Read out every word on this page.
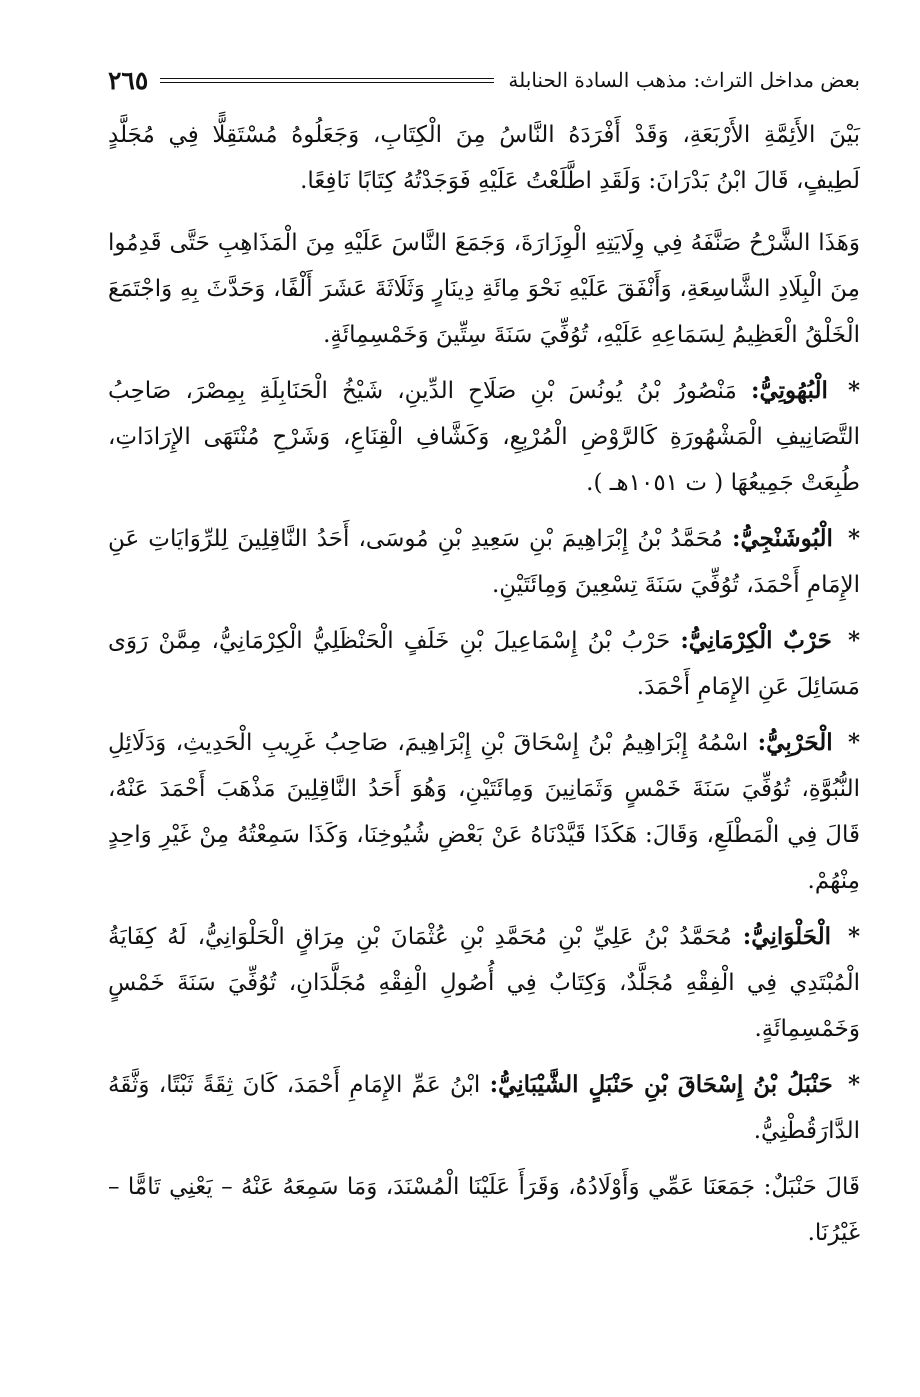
بعض مداخل التراث: مذهب السادة الحنابلة
٢٦٥

بَيْنَ الأَئِمَّةِ الأَرْبَعَةِ، وَقَدْ أَفْرَدَهُ النَّاسُ مِنَ الْكِتَابِ، وَجَعَلُوهُ مُسْتَقِلًّا فِي مُجَلَّدٍ لَطِيفٍ، قَالَ ابْنُ بَدْرَانَ: وَلَقَدِ اطَّلَعْتُ عَلَيْهِ فَوَجَدْتُهُ كِتَابًا نَافِعًا.

وَهَذَا الشَّرْحُ صَنَّفَهُ فِي وِلَايَتِهِ الْوِزَارَةَ، وَجَمَعَ النَّاسَ عَلَيْهِ مِنَ الْمَذَاهِبِ حَتَّى قَدِمُوا مِنَ الْبِلَادِ الشَّاسِعَةِ، وَأَنْفَقَ عَلَيْهِ نَحْوَ مِائَةِ دِينَارٍ وَثَلَاثَةَ عَشَرَ أَلْفًا، وَحَدَّثَ بِهِ وَاجْتَمَعَ الْخَلْقُ الْعَظِيمُ لِسَمَاعِهِ عَلَيْهِ، تُوُفِّيَ سَنَةَ سِتِّينَ وَخَمْسِمِائَةٍ.

* الْبُهُوتِيُّ: مَنْصُورُ بْنُ يُونُسَ بْنِ صَلَاحِ الدِّينِ، شَيْخُ الْحَنَابِلَةِ بِمِصْرَ، صَاحِبُ التَّصَانِيفِ الْمَشْهُورَةِ كَالرَّوْضِ الْمُرْبِعِ، وَكَشَّافِ الْقِنَاعِ، وَشَرْحِ مُنْتَهَى الإِرَادَاتِ، طُبِعَتْ جَمِيعُهَا ( ت ١٠٥١هـ ).

* الْبُوشَنْجِيُّ: مُحَمَّدُ بْنُ إِبْرَاهِيمَ بْنِ سَعِيدِ بْنِ مُوسَى، أَحَدُ النَّاقِلِينَ لِلرِّوَايَاتِ عَنِ الإِمَامِ أَحْمَدَ، تُوُفِّيَ سَنَةَ تِسْعِينَ وَمِائَتَيْنِ.

* حَرْبٌ الْكِرْمَانِيُّ: حَرْبُ بْنُ إِسْمَاعِيلَ بْنِ خَلَفٍ الْحَنْظَلِيُّ الْكِرْمَانِيُّ، مِمَّنْ رَوَى مَسَائِلَ عَنِ الإِمَامِ أَحْمَدَ.

* الْحَرْبِيُّ: اسْمُهُ إِبْرَاهِيمُ بْنُ إِسْحَاقَ بْنِ إِبْرَاهِيمَ، صَاحِبُ غَرِيبِ الْحَدِيثِ، وَدَلَائِلِ النُّبُوَّةِ، تُوُفِّيَ سَنَةَ خَمْسٍ وَثَمَانِينَ وَمِائَتَيْنِ، وَهُوَ أَحَدُ النَّاقِلِينَ مَذْهَبَ أَحْمَدَ عَنْهُ، قَالَ فِي الْمَطْلَعِ، وَقَالَ: هَكَذَا قَيَّدْنَاهُ عَنْ بَعْضِ شُيُوخِنَا، وَكَذَا سَمِعْتُهُ مِنْ غَيْرِ وَاحِدٍ مِنْهُمْ.

* الْحَلْوَانِيُّ: مُحَمَّدُ بْنُ عَلِيِّ بْنِ مُحَمَّدِ بْنِ عُثْمَانَ بْنِ مِرَاقٍ الْحَلْوَانِيُّ، لَهُ كِفَايَةُ الْمُبْتَدِي فِي الْفِقْهِ مُجَلَّدٌ، وَكِتَابٌ فِي أُصُولِ الْفِقْهِ مُجَلَّدَانِ، تُوُفِّيَ سَنَةَ خَمْسٍ وَخَمْسِمِائَةٍ.

* حَنْبَلُ بْنُ إِسْحَاقَ بْنِ حَنْبَلٍ الشَّيْبَانِيُّ: ابْنُ عَمِّ الإِمَامِ أَحْمَدَ، كَانَ ثِقَةً ثَبْتًا، وَثَّقَهُ الدَّارَقُطْنِيُّ.

قَالَ حَنْبَلٌ: جَمَعَنَا عَمِّي وَأَوْلَادُهُ، وَقَرَأَ عَلَيْنَا الْمُسْنَدَ، وَمَا سَمِعَهُ عَنْهُ – يَعْنِي تَامًّا – غَيْرُنَا.
